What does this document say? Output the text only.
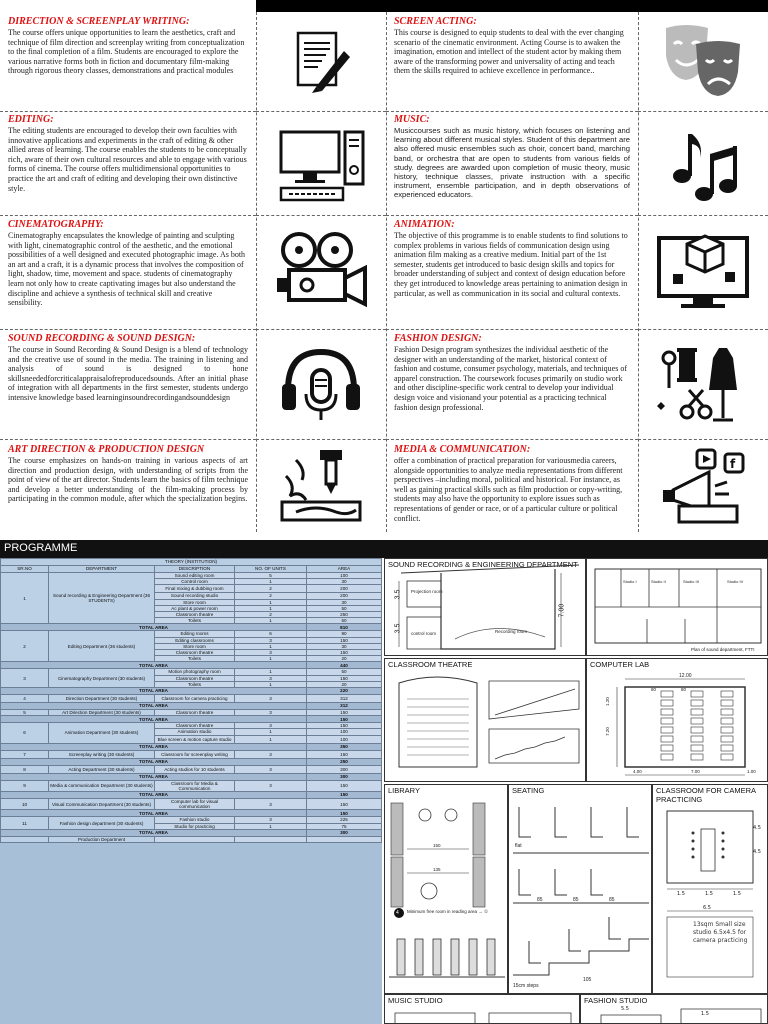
DIRECTION & SCREENPLAY WRITING:
The course offers unique opportunities to learn the aesthetics, craft and technique of film direction and screenplay writing from conceptualization to the final completion of a film. Students are encouraged to explore the various narrative forms both in fiction and documentary film-making through rigorous theory classes, demonstrations and practical modules
SCREEN ACTING:
This course is designed to equip students to deal with the ever changing scenario of the cinematic environment. Acting Course is to awaken the imagination, emotion and intellect of the student actor by making them aware of the transforming power and universality of acting and teach them the skills required to achieve excellence in performance..
EDITING:
The editing students are encouraged to develop their own faculties with innovative applications and experiments in the craft of editing & other allied areas of learning. The course enables the students to be conceptually rich, aware of their own cultural resources and able to engage with various forms of cinema. The course offers multidimensional opportunities to practice the art and craft of editing and developing their own distinctive style.
MUSIC:
Musiccourses such as music history, which focuses on listening and learning about different musical styles. Student of this department are also offered music ensembles such as choir, concert band, marching band, or orchestra that are open to students from various fields of study. degrees are awarded upon completion of music theory, music history, technique classes, private instruction with a specific instrument, ensemble participation, and in depth observations of experienced educators.
CINEMATOGRAPHY:
Cinematography encapsulates the knowledge of painting and sculpting with light, cinematographic control of the aesthetic, and the emotional possibilities of a well designed and executed photographic image. As both an art and a craft, it is a dynamic process that involves the composition of light, shadow, time, movement and space. students of cinematography learn not only how to create captivating images but also understand the discipline and achieve a synthesis of technical skill and creative sensibility.
ANIMATION:
The objective of this programme is to enable students to find solutions to complex problems in various fields of communication design using animation film making as a creative medium. Initial part of the 1st semester, students get introduced to basic design skills and topics for broader understanding of subject and context of design education before they get introduced to knowledge areas pertaining to animation design in particular, as well as communication in its social and cultural contexts.
SOUND RECORDING & SOUND DESIGN:
The course in Sound Recording & Sound Design is a blend of technology and the creative use of sound in the media. The training in listening and analysis of sound is designed to hone skillsneededforcriticalappraisalofreproducedsounds. After an initial phase of integration with all departments in the first semester, students undergo intensive knowledge based learninginsoundrecordingandsounddesign
FASHION DESIGN:
Fashion Design program synthesizes the individual aesthetic of the designer with an understanding of the market, historical context of fashion and costume, consumer psychology, materials, and techniques of apparel construction. The coursework focuses primarily on studio work and other discipline-specific work central to develop your individual design voice and visionand your potential as a practicing technical fashion design professional.
ART DIRECTION & PRODUCTION DESIGN
The course emphasizes on hands-on training in various aspects of art direction and production design, with understanding of scripts from the point of view of the art director. Students learn the basics of film technique and develop a better understanding of the film-making process by participating in the common module, after which the specialization begins.
MEDIA & COMMUNICATION:
offer a combination of practical preparation for variousmedia careers, alongside opportunities to analyze media representations from different perspectives –including moral, political and historical. For instance, as well as gaining practical skills such as film production or copy-writing, students may also have the opportunity to explore issues such as representations of gender or race, or of a particular culture or political conflict.
f
PROGRAMME
THEORY (INSTITUTION)				
SR.NO	DEPARTMENT	DESCRIPTION	NO. OF UNITS	AREA
1	Sound recording & Engineering Department (36 STUDENTS)	Sound editing room	5	100
		Control room	1	30
		Final mixing & dubbing room	2	200
		Sound recording studio	2	200
		Store room	1	30
		Ac plant & power room	1	50
		Classroom theatre	2	250
		Toilets	1	50
TOTAL AREA				810
2	Editing Department (36 students)	Editing rooms	6	90
		Editing classrooms	3	150
		Store room	1	30
		Classroom theatre	3	150
		Toilets	1	20
TOTAL AREA				440
3	Cinematography Department (30 students)	Motion photography room	1	50
		Classroom theatre	3	150
		Toilets	1	20
TOTAL AREA				220
4	Direction Department (30 students)	Classroom for camera practicing	3	312
TOTAL AREA				312
5	Art Direction Department (30 students)	Classroom theatre	3	150
TOTAL AREA				150
6	Animation Department (30 students)	Classroom theatre	3	150
		Animation studio	1	100
		Blue screen & motion capture studio	1	100
TOTAL AREA				350
7	Screenplay writing (30 students)	Classroom for screenplay writing	3	150
TOTAL AREA				250
8	Acting Department (30 students)	Acting studios for 10 students	3	300
TOTAL AREA				300
9	Media & communication Department (30 students)	Classroom for Media & Communication	3	150
TOTAL AREA				150
10	Visual Communication Department (30 students)	Computer lab for visual communication	3	150
TOTAL AREA				150
11	Fashion design department (30 students)	Fashion studio	3	225
		Studio for practicing	1	75
TOTAL AREA				300
	Production Department			
SOUND RECORDING & ENGINEERING DEPARTMENT
3.5
3.5
7.00
Projection room
control room	Recording room
Studio I	Studio II	Studio III	Studio IV
Plan of sound department, FTTI
CLASSROOM THEATRE	COMPUTER LAB
12.00
80	80
1.20
7.20
4.00	7.00	1.00
LIBRARY
150
135
4 Minimum free room in reading area → ①
SEATING
flat
85	85	85
105
15cm steps
CLASSROOM FOR CAMERA PRACTICING
4.5
4.5
1.5	1.5	1.5
6.5
13sqm Small size studio 6.5x4.5 for camera practicing
MUSIC STUDIO	FASHION STUDIO
5.5
1.5
